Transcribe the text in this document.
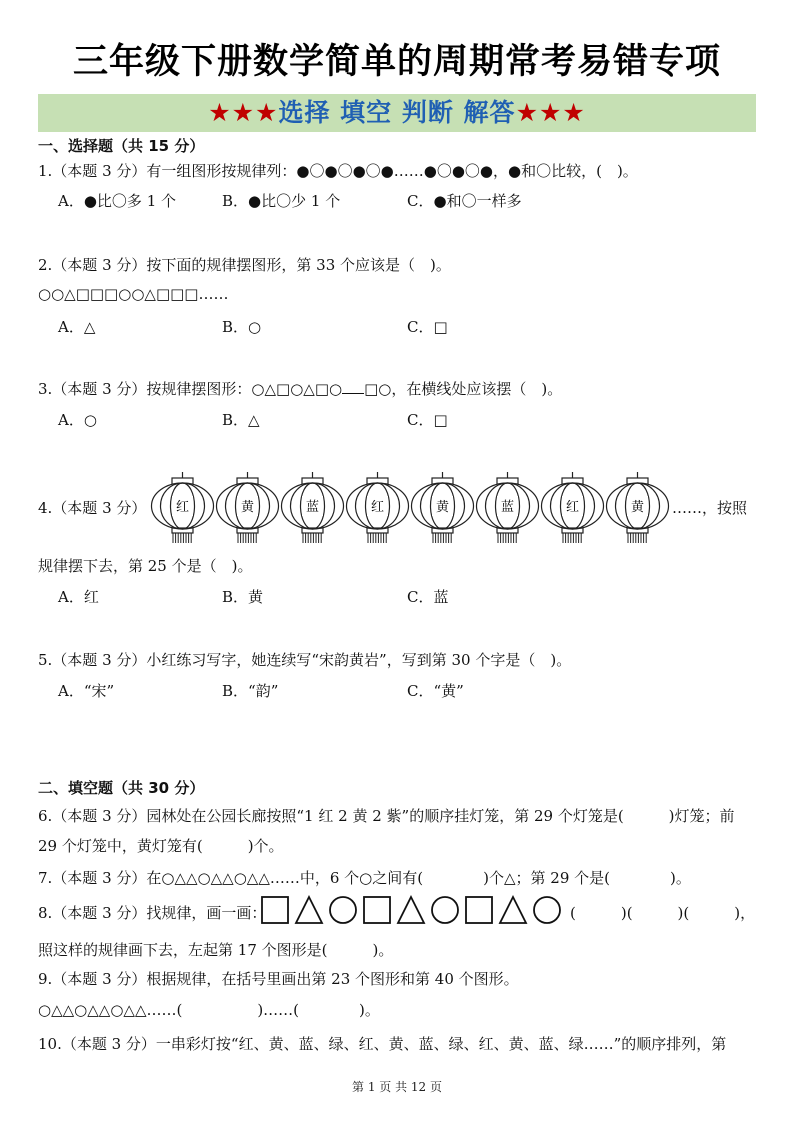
三年级下册数学简单的周期常考易错专项
★★★选择 填空 判断 解答★★★
一、选择题（共 15 分）
1.（本题 3 分）有一组图形按规律列：●〇●〇●〇●……●〇●〇●，●和〇比较，(　)。
A．●比〇多 1 个	B．●比〇少 1 个	C．●和〇一样多
2.（本题 3 分）按下面的规律摆图形，第 33 个应该是（　)。
○○△□□□○○△□□□……
A．△	B．○	C．□
3.（本题 3 分）按规律摆图形：○△□○△□○ □○，在横线处应该摆（　)。
A．○	B．△	C．□
4.（本题 3 分） 红	黄	蓝	红	黄	蓝	红	黄 ……，按照
规律摆下去，第 25 个是（　)。
A．红	B．黄	C．蓝
5.（本题 3 分）小红练习写字，她连续写“宋韵黄岩”，写到第 30 个字是（　)。
A．“宋”	B．“韵”	C．“黄”
二、填空题（共 30 分）
6.（本题 3 分）园林处在公园长廊按照“1 红 2 黄 2 紫”的顺序挂灯笼，第 29 个灯笼是(　　　)灯笼；前
29 个灯笼中，黄灯笼有(　　　)个。
7.（本题 3 分）在○△△○△△○△△……中，6 个○之间有(　　　　)个△；第 29 个是(　　　　)。
8.（本题 3 分）找规律，画一画：	(　　　)(　　　)(　　　)，
照这样的规律画下去，左起第 17 个图形是(　　　)。
9.（本题 3 分）根据规律，在括号里画出第 23 个图形和第 40 个图形。
○△△○△△○△△……(　　　　　)……(　　　　)。
10.（本题 3 分）一串彩灯按“红、黄、蓝、绿、红、黄、蓝、绿、红、黄、蓝、绿……”的顺序排列，第
第 1 页 共 12 页
